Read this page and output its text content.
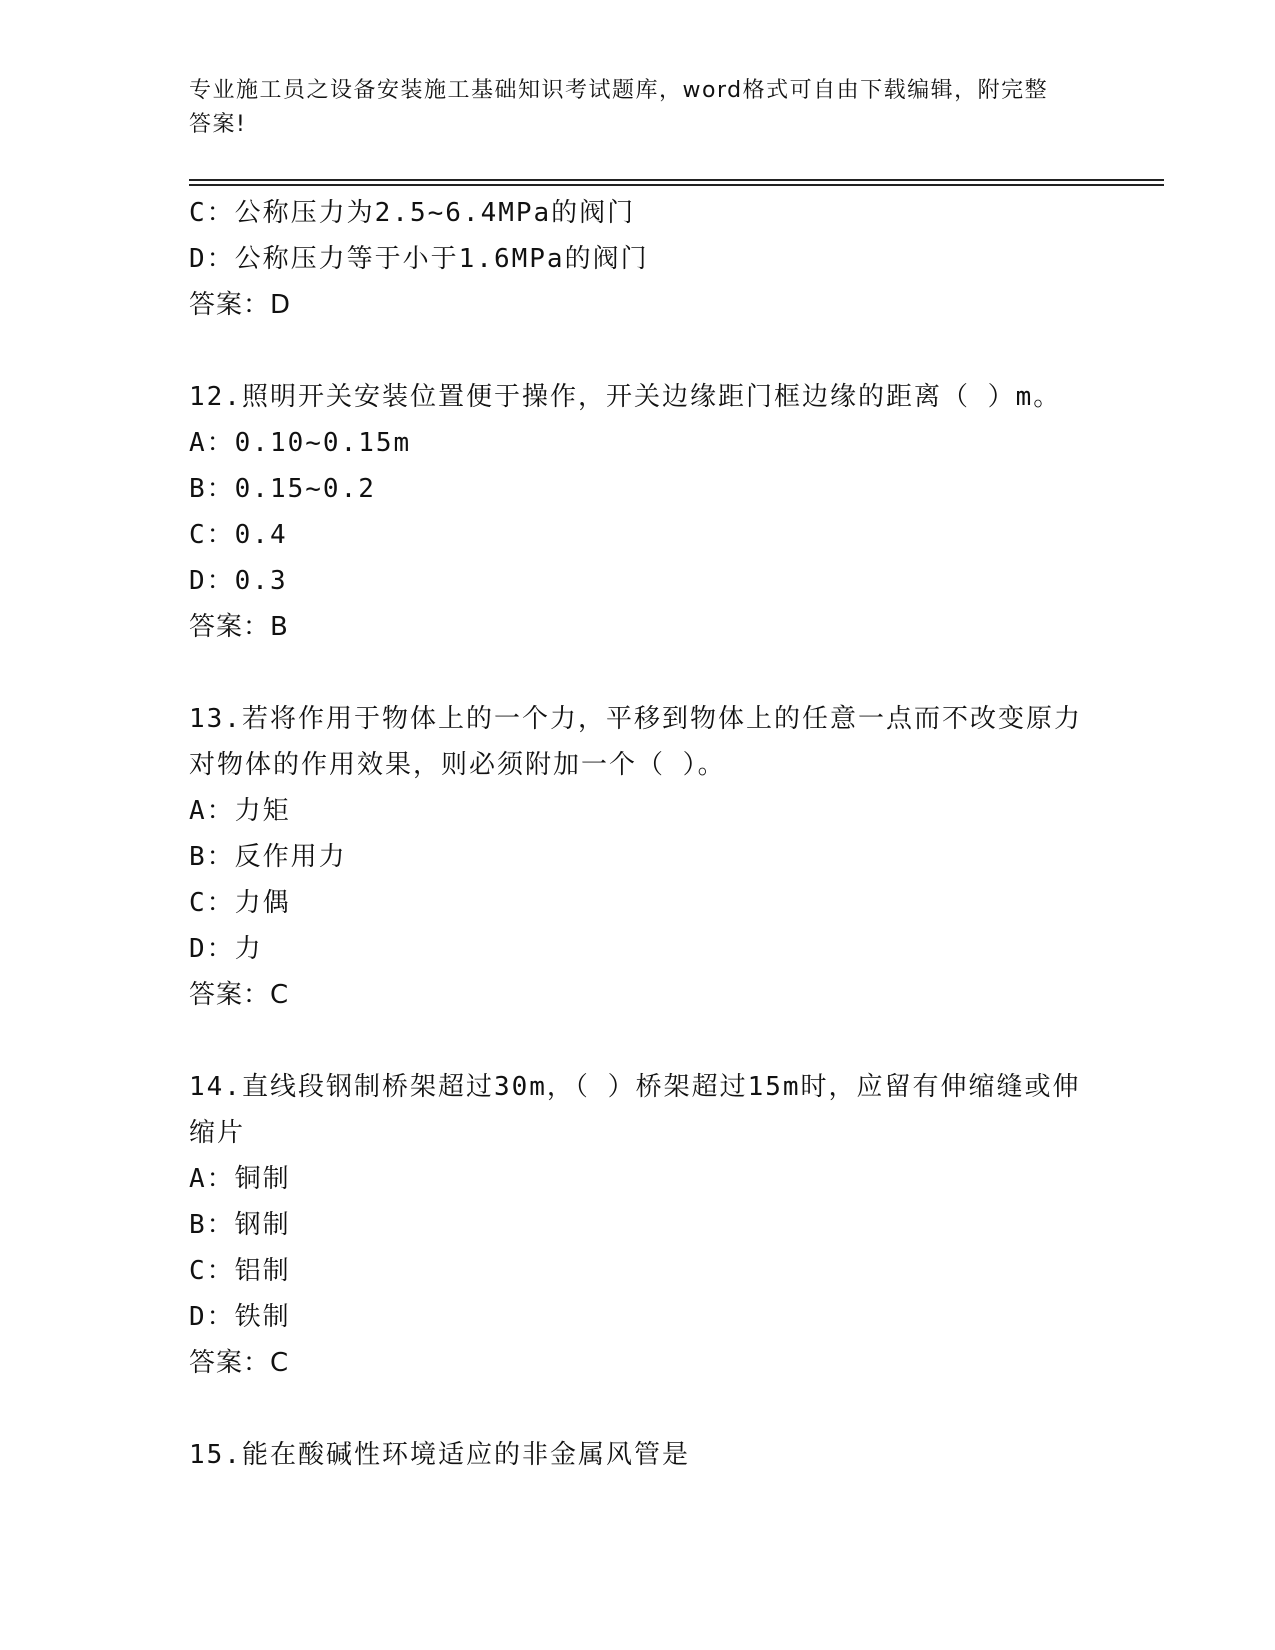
专业施工员之设备安装施工基础知识考试题库，word格式可自由下载编辑，附完整答案!
C：公称压力为2.5~6.4MPa的阀门
D：公称压力等于小于1.6MPa的阀门
答案：D
12.照明开关安装位置便于操作，开关边缘距门框边缘的距离（ ）m。
A：0.10~0.15m
B：0.15~0.2
C：0.4
D：0.3
答案：B
13.若将作用于物体上的一个力，平移到物体上的任意一点而不改变原力对物体的作用效果，则必须附加一个（ ）。
A：力矩
B：反作用力
C：力偶
D：力
答案：C
14.直线段钢制桥架超过30m，（ ）桥架超过15m时，应留有伸缩缝或伸缩片
A：铜制
B：钢制
C：铝制
D：铁制
答案：C
15.能在酸碱性环境适应的非金属风管是
